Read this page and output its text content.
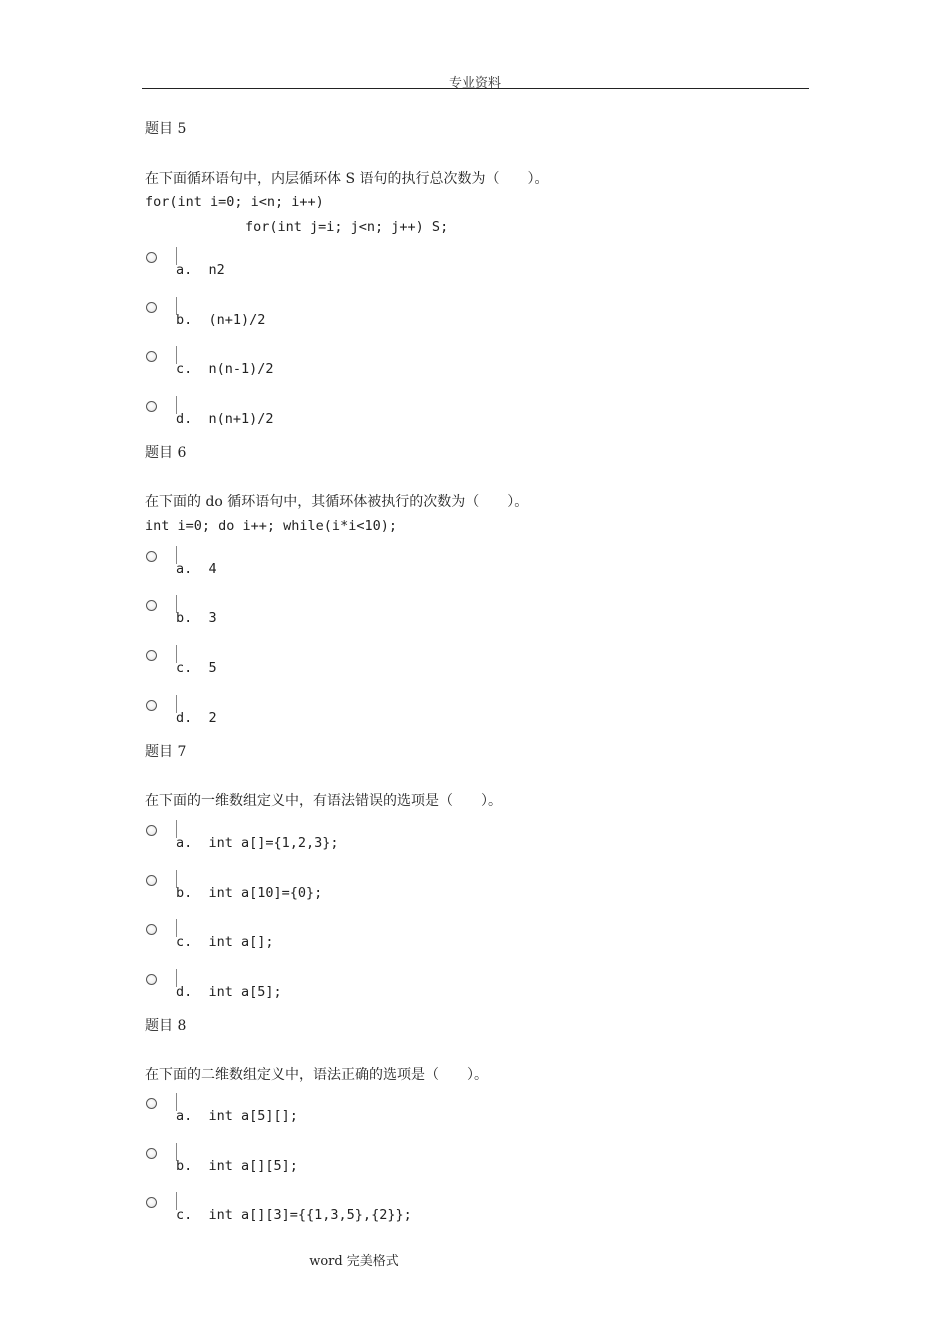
专业资料
题目 5
在下面循环语句中，内层循环体 S 语句的执行总次数为（　　）。
for(int i=0; i<n; i++)
for(int j=i; j<n; j++) S;
a.  n2
b.  (n+1)/2
c.  n(n-1)/2
d.  n(n+1)/2
题目 6
在下面的 do 循环语句中，其循环体被执行的次数为（　　）。
int i=0; do i++; while(i*i<10);
a.  4
b.  3
c.  5
d.  2
题目 7
在下面的一维数组定义中，有语法错误的选项是（　　）。
a.  int a[]={1,2,3};
b.  int a[10]={0};
c.  int a[];
d.  int a[5];
题目 8
在下面的二维数组定义中，语法正确的选项是（　　）。
a.  int a[5][];
b.  int a[][5];
c.  int a[][3]={{1,3,5},{2}};
word 完美格式
